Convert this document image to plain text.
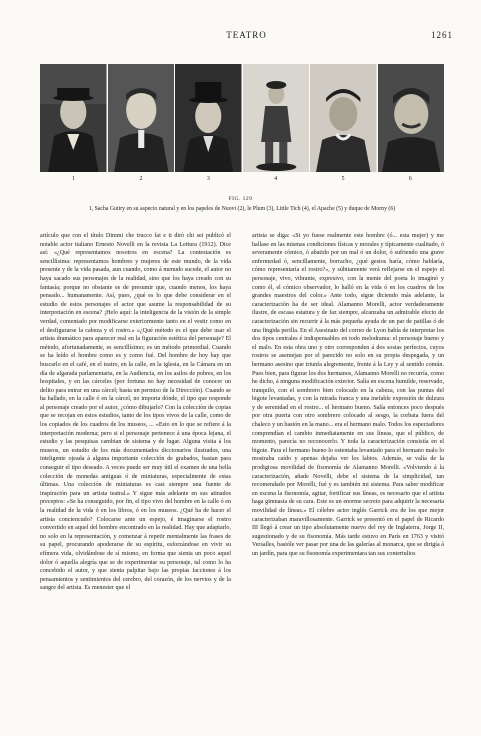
TEATRO	1261
1	2	3	4	5	6
FIG. 129
1, Sacha Guitry en su aspecto natural y en los papeles de Nuovi (2), le Plum (3), Little Tich (4), el Apache (5) y duque de Morny (6)

artículo que con el título Dimmi che trucco fai e ti dirò chi sei publicó el notable actor italiano Ernesto Novelli en la revista La Lettura (1912). Dice así: «¿Qué representamos nosotros en escena? La contestación es sencillísima: representamos hombres y mujeres de este mundo, de la vida presente y de la vida pasada, aun cuando, como á menudo sucede, el autor no haya sacado sus personajes de la realidad, sino que los haya creado con su fantasía; porque no obstante es de presumir que, cuando menos, los haya pensado... humanamente. Así, pues, ¿qué es lo que debe considerar en el estudio de estos personajes el actor que asume la responsabilidad de su interpretación en escena? ¡Helo aquí: la inteligencia de la visión de la simple verdad, comentado por modificarse exteriormente tanto en el vestir como en el desfigurarse la cabeza y el rostro.» «¿Qué método es el que debe usar el artista dramático para aparecer real en la figuración estética del personaje? El método, afortunadamente, es sencillísimo; es un método primordial. Cuando se ha leído el hombre como es y como fué. Del hombre de hoy hay que buscarlo en el café, en el teatro, en la calle, en la iglesia, en la Cámara en un día de algarada parlamentaria, en la Audiencia, en los asilos de pobres, en los hospitales, y en las cárceles (por fortuna no hay necesidad de conocer un delito para entrar en una cárcel; basta un permiso de la Dirección). Cuando se ha hallado, en la calle ó en la cárcel, no importa dónde, el tipo que responde al personaje creado por el autor, ¿cómo dibujarlo? Con la colección de copias que se recojan en estos estudios, tanto de los tipos vivos de la calle, como de los copiados de los cuadros de los museos, ... «Esto en lo que se refiere á la interpretación moderna; pero si el personaje pertenece á una época lejana, el estudio y las pesquisas cambian de sistema y de lugar. Alguna visita á los museos, un estudio de los más documentados diccionarios ilustrados, una inteligente ojeada á alguna importante colección de grabados, bastan para conseguir el tipo deseado. A veces puede ser muy útil el examen de una bella colección de monedas antiguas ó de miniaturas, especialmente de estas últimas. Una colección de miniaturas es casi siempre una fuente de inspiración para un artista teatral.» Y sigue más adelante en sus atinados preceptos: «Se ha conseguido, por fin, el tipo vivo del hombre en la calle ó en la realidad de la vida ó en los libros, ó en los museos. ¿Qué ha de hacer el artista conciencudo? Colocarse ante un espejo, é imaginarse el rostro convertido en aquel del hombre encontrado en la realidad. Hay que adaptarlo, no solo en la representación, y comenzar á repetir mentalmente las frases de su papel, procurando apoderarse de su espíritu, esforzándose en vivir su efímera vida, olvidándose de sí mismo, en forma que sienta un poco aquel dolor ó aquella alegría que se de experimentar su personaje, tal como lo ha concebido el autor, y que sienta palpitar bajo las propias facciones á los pensamientos y sentimientos del cerebro, del corazón, de los nervios y de la sangre del artista. Es menester que el

artista se diga: «Si yo fuese realmente este hombre (ó... esta mujer) y me hallase en las mismas condiciones físicas y morales y típicamente cualitado, ó severamente cómico, ó abatido por un mal ó un dolor, ó sufriendo una grave enfermedad ó, sencillamente, borracho, ¿qué gestos haría, cómo hablaría, cómo representaría el rostro?», y súbitamente verá reflejarse en el espejo el personaje, vivo, vibrante, expresivo, con la mente del poeta lo imaginó y como él, el cómico observador, lo halló en la vida ó en los cuadros de los grandes maestros del color.» Ante todo, sigue diciendo más adelante, la caracterización ha de ser ideal. Alamanno Morelli, actor verdaderamente ilustre, de escasa estatura y de faz siempre, alcanzaba un admirable efecto de caracterización sin recurrir á la más pequeña ayuda de un par de patillas ó de una fingida perilla. En el Asesinato del correo de Lyon había de interpretar los dos tipos centrales é indispensables en todo melodrama: el personaje bueno y el malo. En esta obra uno y otro corresponden á dos sosias perfectos, cuyos rostros se asemejan por el parecido no solo en su propia despegada, y un hermano asesino que triunfa alegremente, frente á la Ley y al sentido común. Pues bien, para figurar los dos hermanos, Alamanno Morelli no recurría, como he dicho, á ninguna modificación exterior. Salía en escena humilde, reservado, tranquilo, con el sombrero bien colocado en la cabeza, con las puntas del bigote levantadas, y con la mirada franca y una inefable expresión de dulzura y de serenidad en el rostro... el hermano bueno. Salía entonces poco después por otra puerta con otro sombrero colocado al sesgo, la corbata fuera del chaleco y un bastón en la mano... era el hermano malo. Todos los espectadores comprendían el cambio inmediatamente en sus líneas, que el público, de momento, parecía no reconocerlo. Y toda la caracterización consistía en el bigote. Para el hermano bueno lo ostentaba levantado para el hermano malo lo mostraba caído y apenas dejaba ver los labios. Además, se valía de la prodigiosa movilidad de fisonomía de Alamanno Morelli. «Volviendo á la caracterización, añade Novelli, debe el sistema de la simplicidad, tan recomendado por Morelli, fué y es también mi sistema. Para saber modificar en escena la fisonomía, agitar, fortificar sus líneas, es necesario que el artista haga gimnasia de su cara. Este es un enorme secreto para adquirir la necesaria movilidad de líneas.» El célebre actor inglés Garrick era de los que mejor caracterizaban maravillosamente. Garrick se presentó en el papel de Ricardo III llegó á crear un tipo absolutamente nuevo del rey de Inglaterra, Jorge II, sugestionado y de su fisonomía. Más tarde estuvo en París en 1763 y visitó Versalles, bastóle ver pasar por una de las galerías al monarca, que se dirigía á un jardín, para que su fisonomía experimentara tan sus contertulios
